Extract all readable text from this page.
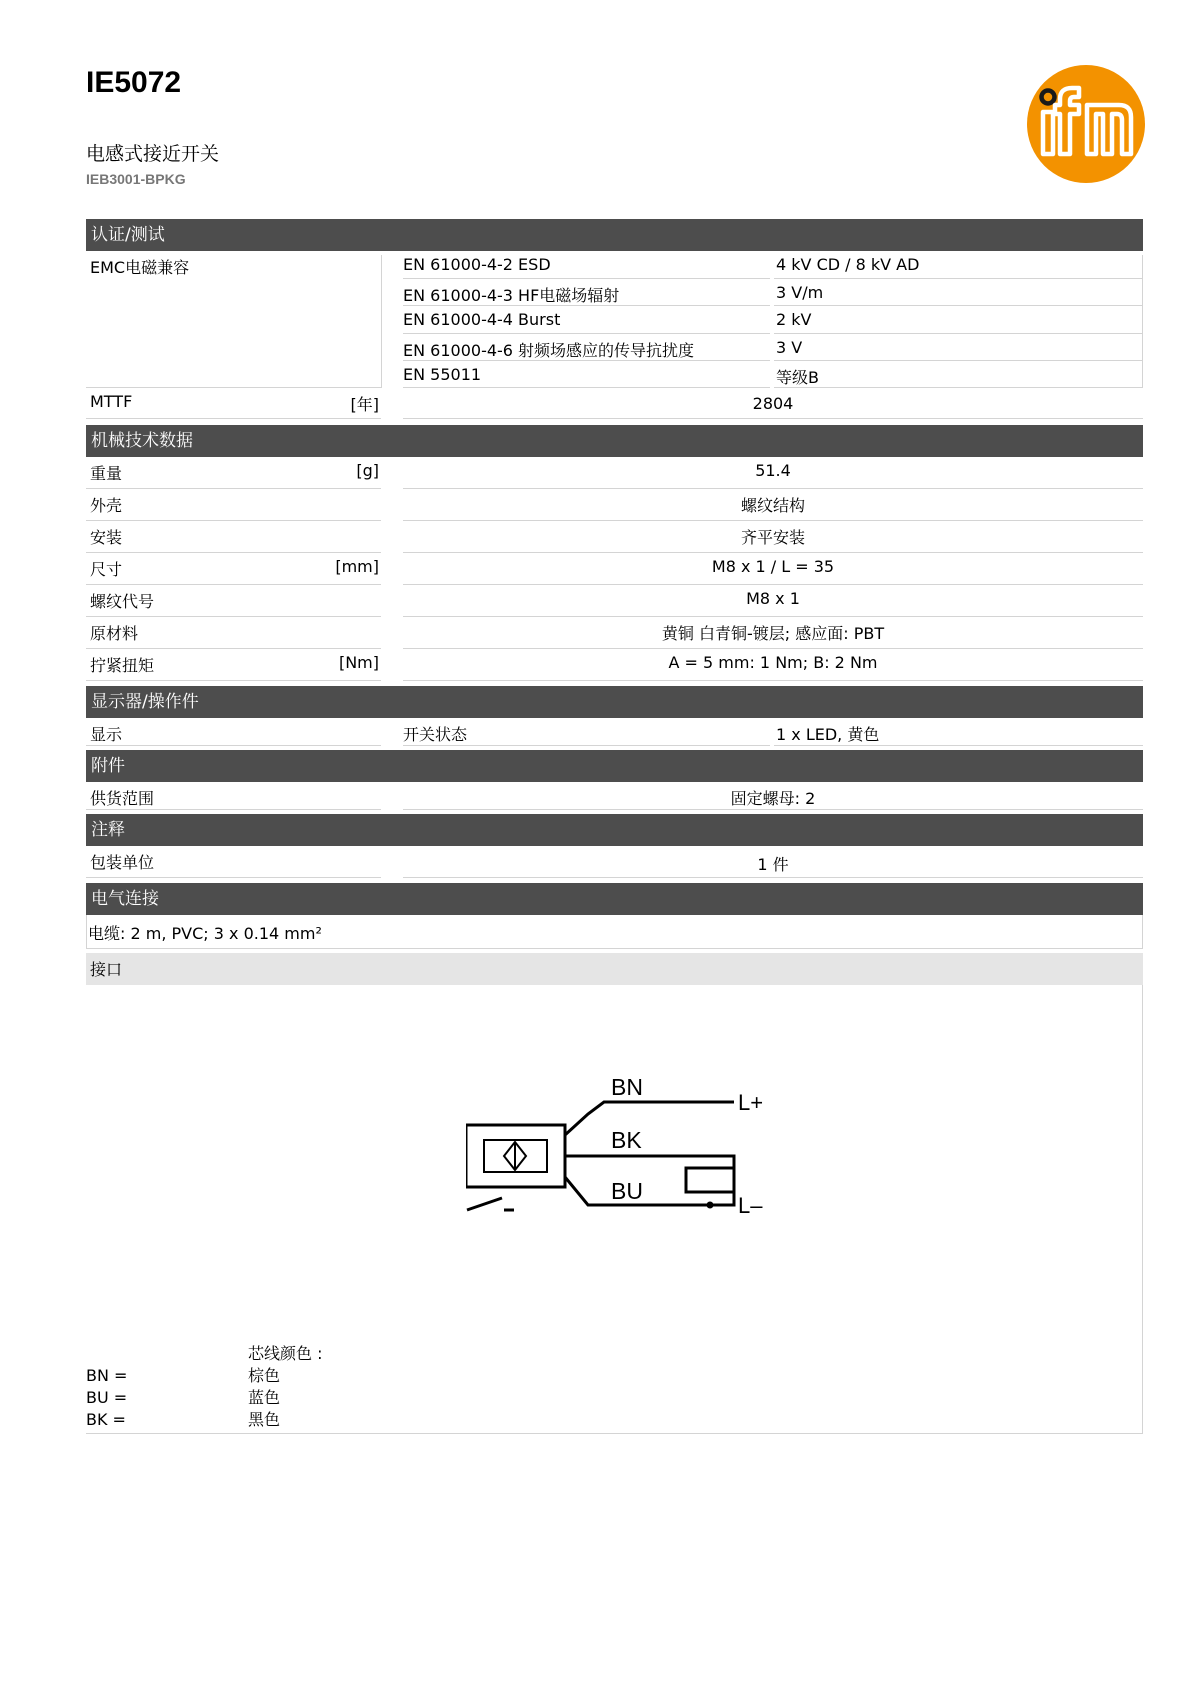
IE5072
电感式接近开关
IEB3001-BPKG
认证/测试
EMC电磁兼容	EN 61000-4-2 ESD	4 kV CD / 8 kV AD
EN 61000-4-3 HF电磁场辐射	3 V/m
EN 61000-4-4 Burst	2 kV
EN 61000-4-6 射频场感应的传导抗扰度	3 V
EN 55011	等级B
MTTF	[年]	2804
机械技术数据
重量	[g]	51.4
外壳	螺纹结构
安装	齐平安装
尺寸	[mm]	M8 x 1 / L = 35
螺纹代号	M8 x 1
原材料	黄铜 白青铜-镀层; 感应面: PBT
拧紧扭矩	[Nm]	A = 5 mm: 1 Nm; B: 2 Nm
显示器/操作件
显示	开关状态	1 x LED, 黄色
附件
供货范围	固定螺母: 2
注释
包装单位	1 件
电气连接
电缆: 2 m, PVC; 3 x 0.14 mm²
接口
BN
BK
BU
L+
L–
芯线颜色 :
BN =	棕色
BU =	蓝色
BK =	黑色
